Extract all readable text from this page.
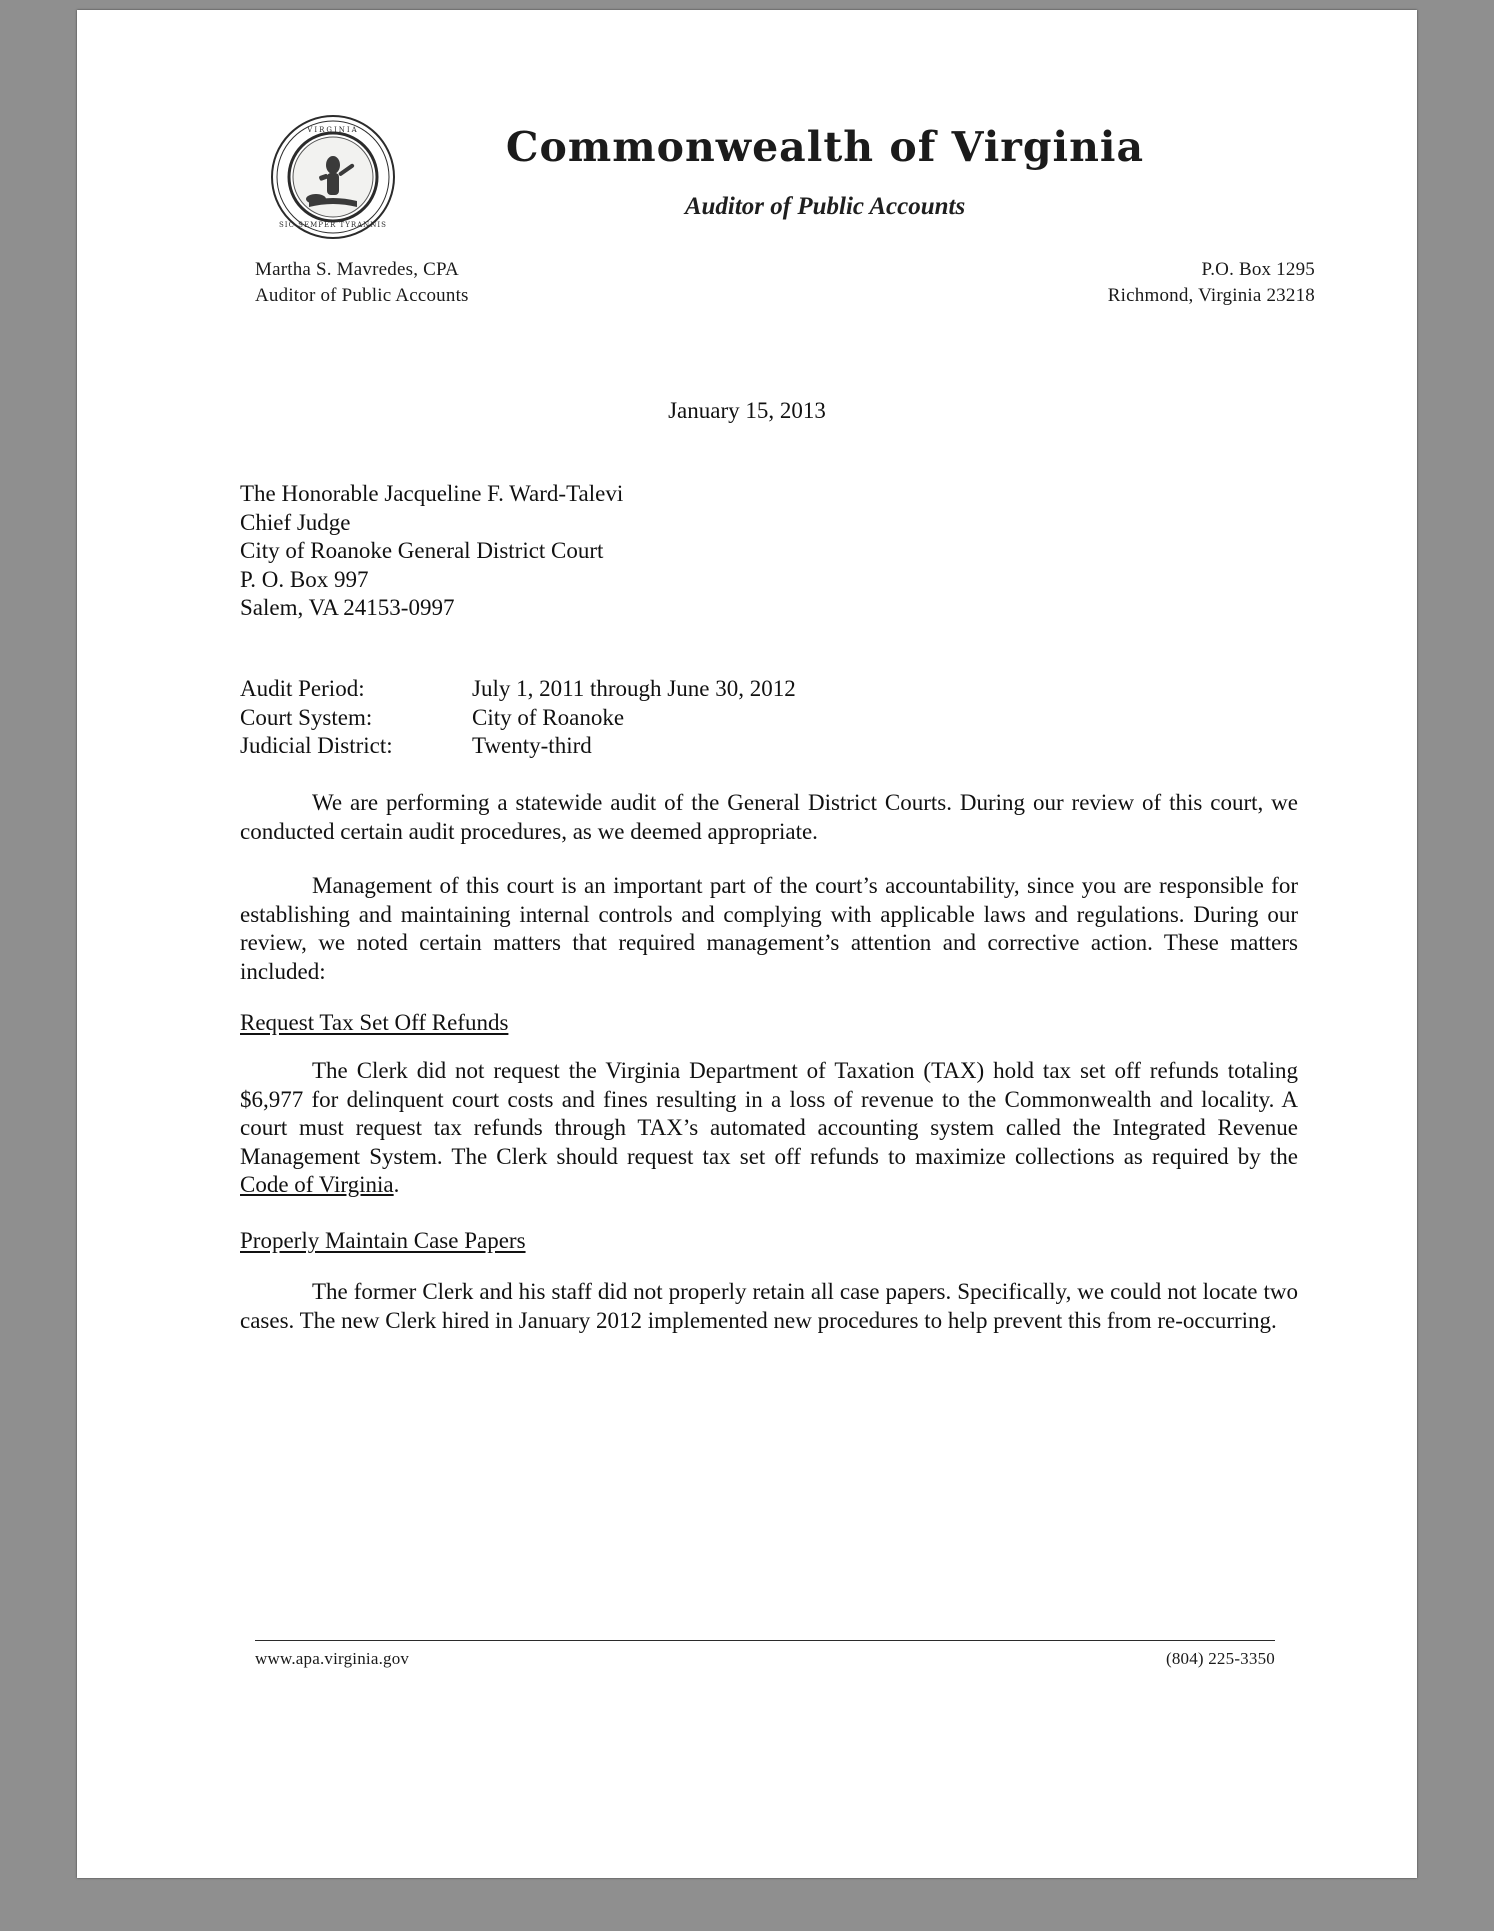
VIRGINIA
SIC SEMPER TYRANNIS
Commonwealth of Virginia
Auditor of Public Accounts
Martha S. Mavredes, CPA
Auditor of Public Accounts
P.O. Box 1295
Richmond, Virginia 23218
January 15, 2013
The Honorable Jacqueline F. Ward-Talevi
Chief Judge
City of Roanoke General District Court
P. O. Box 997
Salem, VA 24153-0997
Audit Period:	July 1, 2011 through June 30, 2012
Court System:	City of Roanoke
Judicial District:	Twenty-third
We are performing a statewide audit of the General District Courts. During our review of this court, we conducted certain audit procedures, as we deemed appropriate.
Management of this court is an important part of the court’s accountability, since you are responsible for establishing and maintaining internal controls and complying with applicable laws and regulations. During our review, we noted certain matters that required management’s attention and corrective action. These matters included:
Request Tax Set Off Refunds
The Clerk did not request the Virginia Department of Taxation (TAX) hold tax set off refunds totaling $6,977 for delinquent court costs and fines resulting in a loss of revenue to the Commonwealth and locality. A court must request tax refunds through TAX’s automated accounting system called the Integrated Revenue Management System. The Clerk should request tax set off refunds to maximize collections as required by the Code of Virginia.
Properly Maintain Case Papers
The former Clerk and his staff did not properly retain all case papers. Specifically, we could not locate two cases. The new Clerk hired in January 2012 implemented new procedures to help prevent this from re-occurring.
www.apa.virginia.gov	(804) 225-3350
